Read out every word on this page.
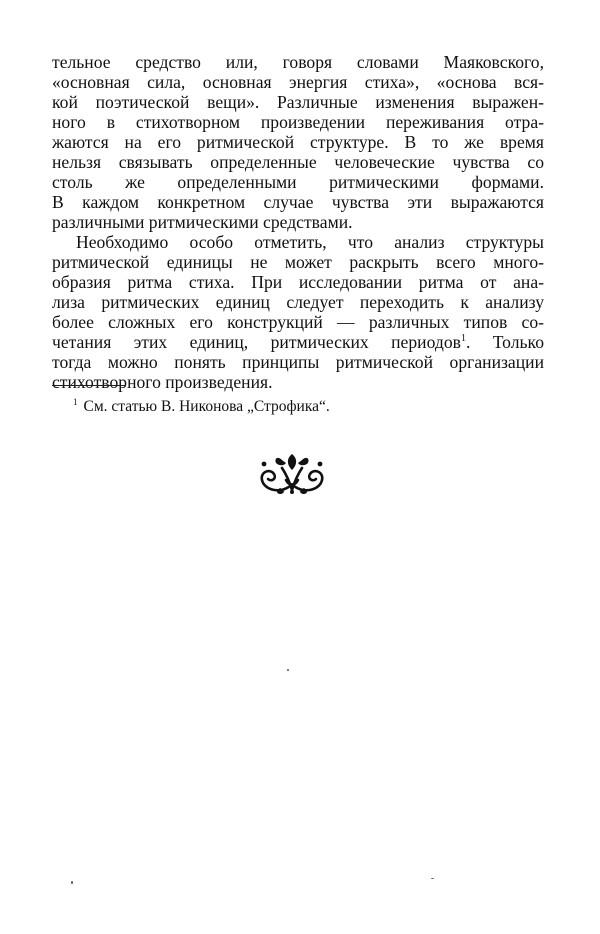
тельное средство или, говоря словами Маяковского,
«основная сила, основная энергия стиха», «основа вся-
кой поэтической вещи». Различные изменения выражен-
ного в стихотворном произведении переживания отра-
жаются на его ритмической структуре. В то же время
нельзя связывать определенные человеческие чувства со
столь же определенными ритмическими формами.
В каждом конкретном случае чувства эти выражаются
различными ритмическими средствами.
Необходимо особо отметить, что анализ структуры
ритмической единицы не может раскрыть всего много-
образия ритма стиха. При исследовании ритма от ана-
лиза ритмических единиц следует переходить к анализу
более сложных его конструкций — различных типов со-
четания этих единиц, ритмических периодов$^1$. Только
тогда можно понять принципы ритмической организации
стихотворного произведения.
$^1$ См. статью В. Никонова „Строфика“.
